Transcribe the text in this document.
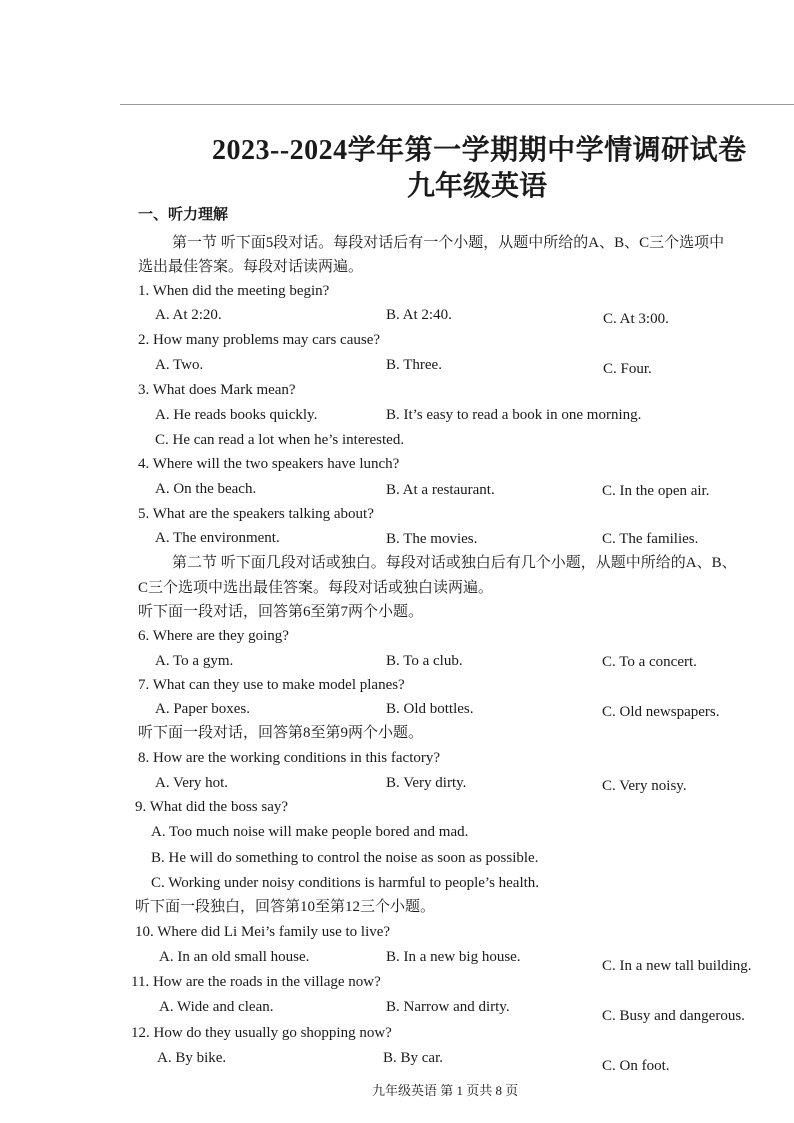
2023--2024学年第一学期期中学情调研试卷
九年级英语
一、听力理解
第一节 听下面5段对话。每段对话后有一个小题，从题中所给的A、B、C三个选项中
选出最佳答案。每段对话读两遍。
1. When did the meeting begin?
A. At 2:20.	B. At 2:40.	C. At 3:00.
2. How many problems may cars cause?
A. Two.	B. Three.	C. Four.
3. What does Mark mean?
A. He reads books quickly.	B. It’s easy to read a book in one morning.
C. He can read a lot when he’s interested.
4. Where will the two speakers have lunch?
A. On the beach.	B. At a restaurant.	C. In the open air.
5. What are the speakers talking about?
A. The environment.	B. The movies.	C. The families.
第二节 听下面几段对话或独白。每段对话或独白后有几个小题，从题中所给的A、B、
C三个选项中选出最佳答案。每段对话或独白读两遍。
听下面一段对话，回答第6至第7两个小题。
6. Where are they going?
A. To a gym.	B. To a club.	C. To a concert.
7. What can they use to make model planes?
A. Paper boxes.	B. Old bottles.	C. Old newspapers.
听下面一段对话，回答第8至第9两个小题。
8. How are the working conditions in this factory?
A. Very hot.	B. Very dirty.	C. Very noisy.
9. What did the boss say?
A. Too much noise will make people bored and mad.
B. He will do something to control the noise as soon as possible.
C. Working under noisy conditions is harmful to people’s health.
听下面一段独白，回答第10至第12三个小题。
10. Where did Li Mei’s family use to live?
A. In an old small house.	B. In a new big house.
C. In a new tall building.
11. How are the roads in the village now?
A. Wide and clean.	B. Narrow and dirty.
C. Busy and dangerous.
12. How do they usually go shopping now?
A. By bike.	B. By car.	C. On foot.
九年级英语 第 1 页共 8 页
